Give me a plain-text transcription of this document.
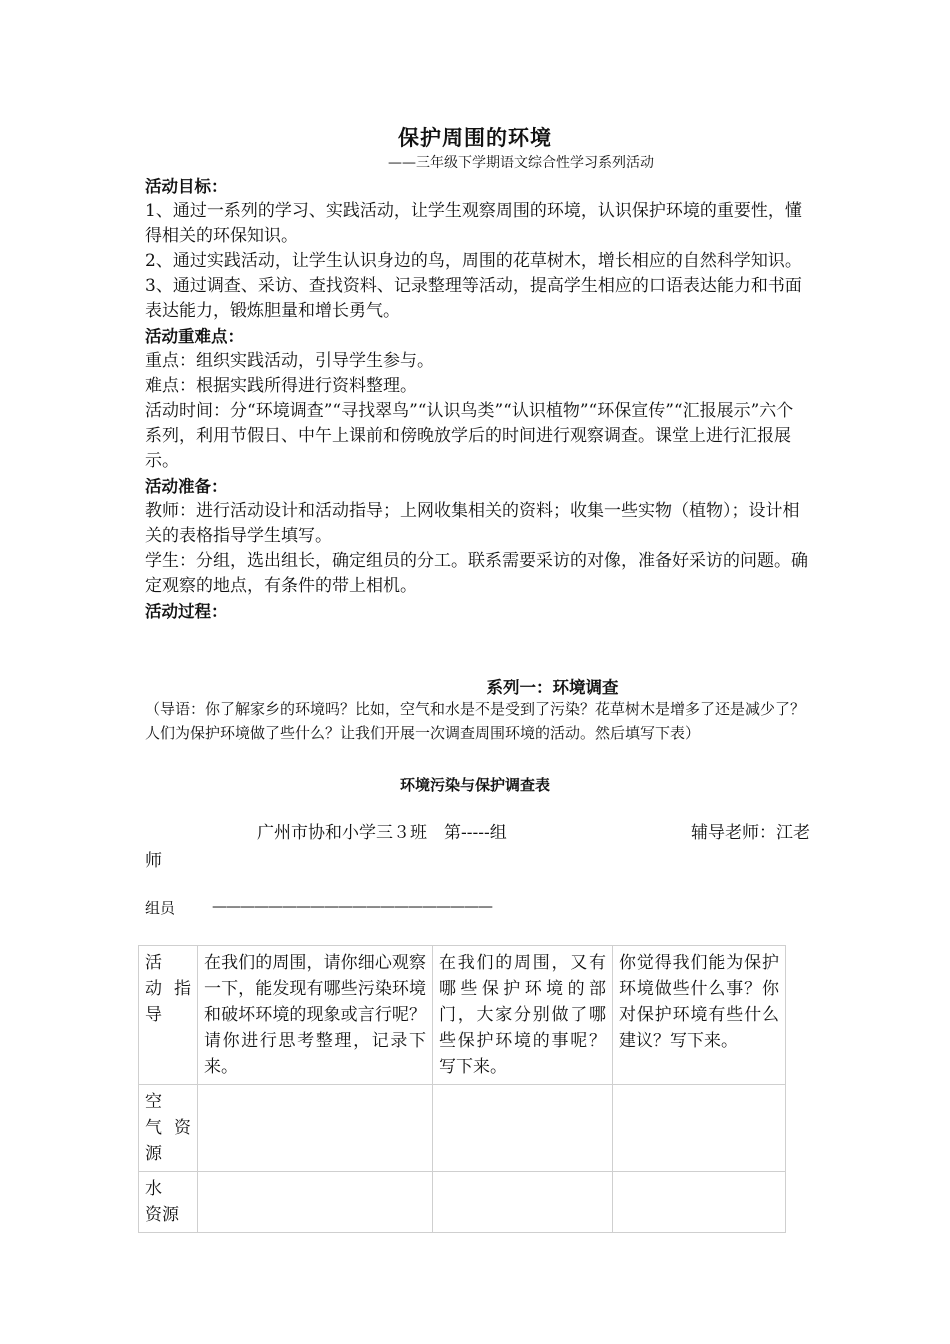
保护周围的环境
——三年级下学期语文综合性学习系列活动
活动目标：

1、通过一系列的学习、实践活动，让学生观察周围的环境，认识保护环境的重要性，懂得相关的环保知识。

2、通过实践活动，让学生认识身边的鸟，周围的花草树木，增长相应的自然科学知识。

3、通过调查、采访、查找资料、记录整理等活动，提高学生相应的口语表达能力和书面表达能力，锻炼胆量和增长勇气。

活动重难点：

重点：组织实践活动，引导学生参与。

难点：根据实践所得进行资料整理。

活动时间：分“环境调查”“寻找翠鸟”“认识鸟类”“认识植物”“环保宣传”“汇报展示”六个系列，利用节假日、中午上课前和傍晚放学后的时间进行观察调查。课堂上进行汇报展示。

活动准备：

教师：进行活动设计和活动指导；上网收集相关的资料；收集一些实物（植物）；设计相关的表格指导学生填写。

学生：分组，选出组长，确定组员的分工。联系需要采访的对像，准备好采访的问题。确定观察的地点，有条件的带上相机。

活动过程：
系列一：环境调查
（导语：你了解家乡的环境吗？比如，空气和水是不是受到了污染？花草树木是增多了还是减少了？人们为保护环境做了些什么？让我们开展一次调查周围环境的活动。然后填写下表）
环境污染与保护调查表
广州市协和小学三３班　第-----组	辅导老师：江老
师
组员 ————————————————————
活　动指导	在我们的周围，请你细心观察一下，能发现有哪些污染环境和破坏环境的现象或言行呢？请你进行思考整理，记录下来。	在我们的周围，又有哪些保护环境的部门，大家分别做了哪些保护环境的事呢？写下来。	你觉得我们能为保护环境做些什么事？你对保护环境有些什么建议？写下来。
空　气资源			
水　资源			
